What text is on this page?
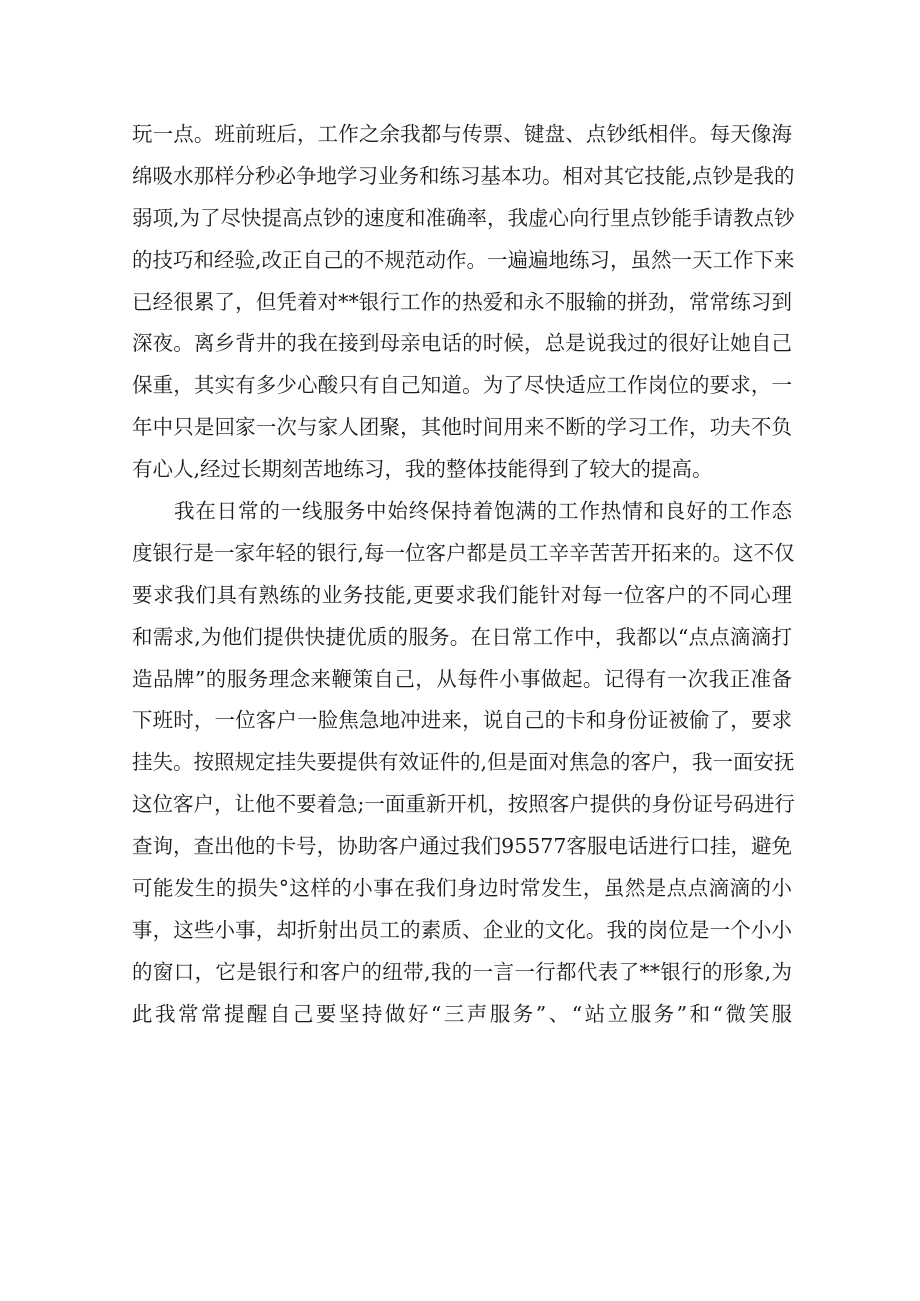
玩一点。班前班后，工作之余我都与传票、键盘、点钞纸相伴。每天像海
绵吸水那样分秒必争地学习业务和练习基本功。相对其它技能,点钞是我的
弱项,为了尽快提高点钞的速度和准确率，我虚心向行里点钞能手请教点钞
的技巧和经验,改正自己的不规范动作。一遍遍地练习，虽然一天工作下来
已经很累了，但凭着对**银行工作的热爱和永不服输的拼劲，常常练习到
深夜。离乡背井的我在接到母亲电话的时候，总是说我过的很好让她自己
保重，其实有多少心酸只有自己知道。为了尽快适应工作岗位的要求，一
年中只是回家一次与家人团聚，其他时间用来不断的学习工作，功夫不负
有心人,经过长期刻苦地练习，我的整体技能得到了较大的提高。
我在日常的一线服务中始终保持着饱满的工作热情和良好的工作态
度银行是一家年轻的银行,每一位客户都是员工辛辛苦苦开拓来的。这不仅
要求我们具有熟练的业务技能,更要求我们能针对每一位客户的不同心理
和需求,为他们提供快捷优质的服务。在日常工作中，我都以“点点滴滴打
造品牌”的服务理念来鞭策自己，从每件小事做起。记得有一次我正准备
下班时，一位客户一脸焦急地冲进来，说自己的卡和身份证被偷了，要求
挂失。按照规定挂失要提供有效证件的,但是面对焦急的客户，我一面安抚
这位客户，让他不要着急;一面重新开机，按照客户提供的身份证号码进行
查询，查出他的卡号，协助客户通过我们95577客服电话进行口挂，避免
可能发生的损失°这样的小事在我们身边时常发生，虽然是点点滴滴的小
事，这些小事，却折射出员工的素质、企业的文化。我的岗位是一个小小
的窗口，它是银行和客户的纽带,我的一言一行都代表了**银行的形象,为
此我常常提醒自己要坚持做好“三声服务”、“站立服务”和“微笑服
